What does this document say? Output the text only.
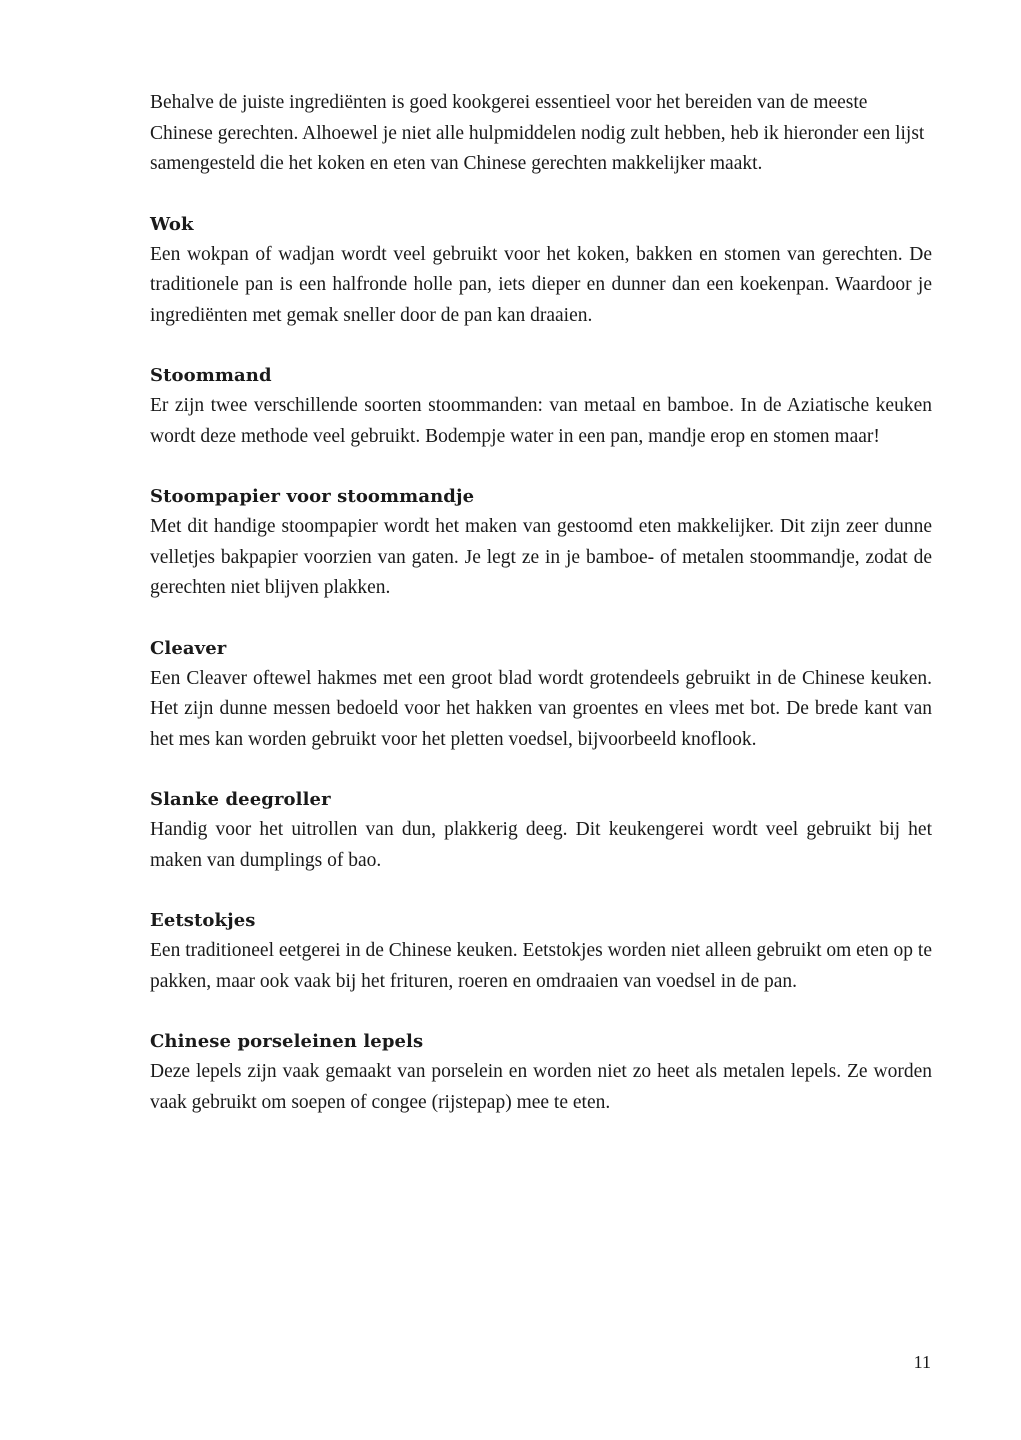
Behalve de juiste ingrediënten is goed kookgerei essentieel voor het bereiden van de meeste Chinese gerechten. Alhoewel je niet alle hulpmiddelen nodig zult hebben, heb ik hieronder een lijst samengesteld die het koken en eten van Chinese gerechten makkelijker maakt.

Wok

Een wokpan of wadjan wordt veel gebruikt voor het koken, bakken en stomen van gerechten. De traditionele pan is een halfronde holle pan, iets dieper en dunner dan een koekenpan. Waardoor je ingrediënten met gemak sneller door de pan kan draaien.

Stoommand

Er zijn twee verschillende soorten stoommanden: van metaal en bamboe. In de Aziatische keuken wordt deze methode veel gebruikt. Bodempje water in een pan, mandje erop en stomen maar!

Stoompapier voor stoommandje

Met dit handige stoompapier wordt het maken van gestoomd eten makkelijker. Dit zijn zeer dunne velletjes bakpapier voorzien van gaten. Je legt ze in je bamboe- of metalen stoommandje, zodat de gerechten niet blijven plakken.

Cleaver

Een Cleaver oftewel hakmes met een groot blad wordt grotendeels gebruikt in de Chinese keuken. Het zijn dunne messen bedoeld voor het hakken van groentes en vlees met bot. De brede kant van het mes kan worden gebruikt voor het pletten voedsel, bijvoorbeeld knoflook.

Slanke deegroller

Handig voor het uitrollen van dun, plakkerig deeg. Dit keukengerei wordt veel gebruikt bij het maken van dumplings of bao.

Eetstokjes

Een traditioneel eetgerei in de Chinese keuken. Eetstokjes worden niet alleen gebruikt om eten op te pakken, maar ook vaak bij het frituren, roeren en omdraaien van voedsel in de pan.

Chinese porseleinen lepels

Deze lepels zijn vaak gemaakt van porselein en worden niet zo heet als metalen lepels. Ze worden vaak gebruikt om soepen of congee (rijstepap) mee te eten.

11
